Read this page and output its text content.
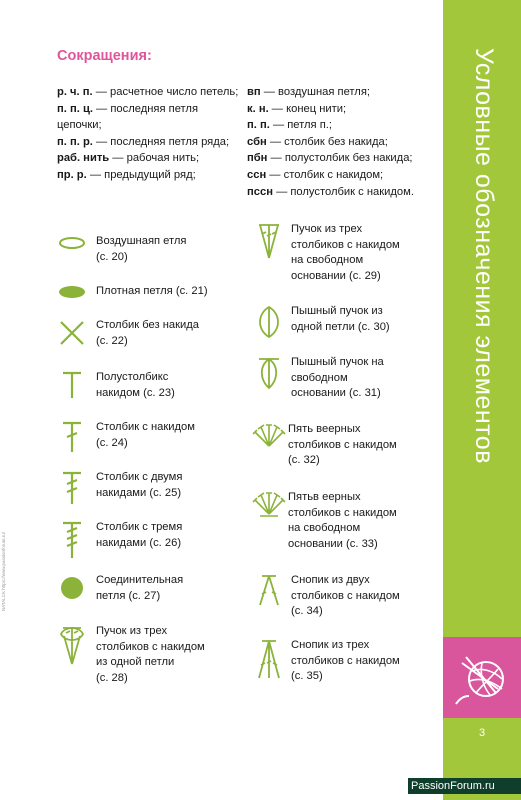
Сокращения:
р. ч. п. — расчетное число петель;
п. п. ц. — последняя петля цепочки;
п. п. р. — последняя петля ряда;
раб. нить — рабочая нить;
пр. р. — предыдущий ряд;
вп — воздушная петля;
к. н. — конец нити;
п. п. — петля п.;
сбн — столбик без накида;
пбн — полустолбик без накида;
ссн — столбик с накидом;
пссн — полустолбик с накидом.
Воздушнаяп етля
(с. 20)
Плотная петля (с. 21)
Столбик без накида
(с. 22)
Полустолбикс
накидом (с. 23)
Столбик с накидом
(с. 24)
Столбик с двумя
накидами (с. 25)
Столбик с тремя
накидами (с. 26)
Соединительная
петля (с. 27)
Пучок из трех
столбиков с накидом
из одной петли
(с. 28)
Пучок из трех
столбиков с накидом
на свободном
основании (с. 29)
Пышный пучок из
одной петли (с. 30)
Пышный пучок на
свободном
основании (с. 31)
Пять веерных
столбиков с накидом
(с. 32)
Пятьв еерных
столбиков с накидом
на свободном
основании (с. 33)
Снопик из двух
столбиков с накидом
(с. 34)
Снопик из трех
столбиков с накидом
(с. 35)
Условные обозначения элементов
3
NATALCK https://www.passionforum.ru/
PassionForum.ru
